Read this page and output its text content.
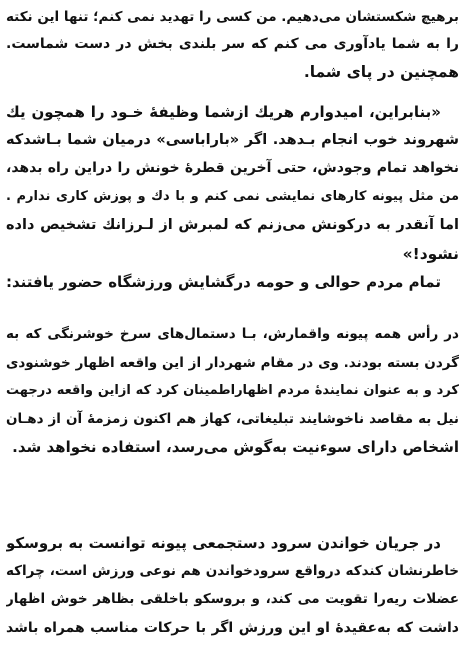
برهیچ شکستشان می‌دهیم. من کسی را تهدید نمی کنم؛ تنها این نکته
را به شما یادآوری می کنم که سر بلندی بخش در دست شماست.
همچنین در پای شما.
«بنابراین، امیدوارم هریك ازشما وظیفهٔ خـود را همچون یك
شهروند خوب انجام بـدهد. اگر «باراباسی» درمیان شما بـاشدکه
نخواهد تمام وجودش، حتی آخرین قطرهٔ خونش را دراین راه بدهد،
من مثل پیونه کارهای نمایشی نمی کنم و با دك و پوزش کاری ندارم .
اما آنقدر به درکونش می‌زنم که لمبرش از لـرزانك تشخیص داده
نشود!»
تمام مردم حوالی و حومه درگشایش ورزشگاه حضور یافتند:
در رأس همه پیونه واقمارش، بـا دستمال‌های سرخ خوشرنگی که به
گردن بسته بودند. وی در مقام شهردار از این واقعه اظهار خوشنودی
کرد و به عنوان نمایندهٔ مردم اظهاراطمینان کرد که ازاین واقعه درجهت
نیل به مقاصد ناخوشایند تبلیغاتی، کهاز هم اکنون زمزمهٔ آن از دهـان
اشخاص دارای سوءنیت به‌گوش می‌رسد، استفاده نخواهد شد.
در جریان خواندن سرود دستجمعی پیونه توانست به بروسکو
خاطرنشان کندکه درواقع سرودخواندن هم نوعی ورزش است، چراکه
عضلات ریه‌را تقویت می کند، و بروسکو باخلقی بظاهر خوش اظهار
داشت که به‌عقیدهٔ او این ورزش اگر با حرکات مناسب همراه باشد
